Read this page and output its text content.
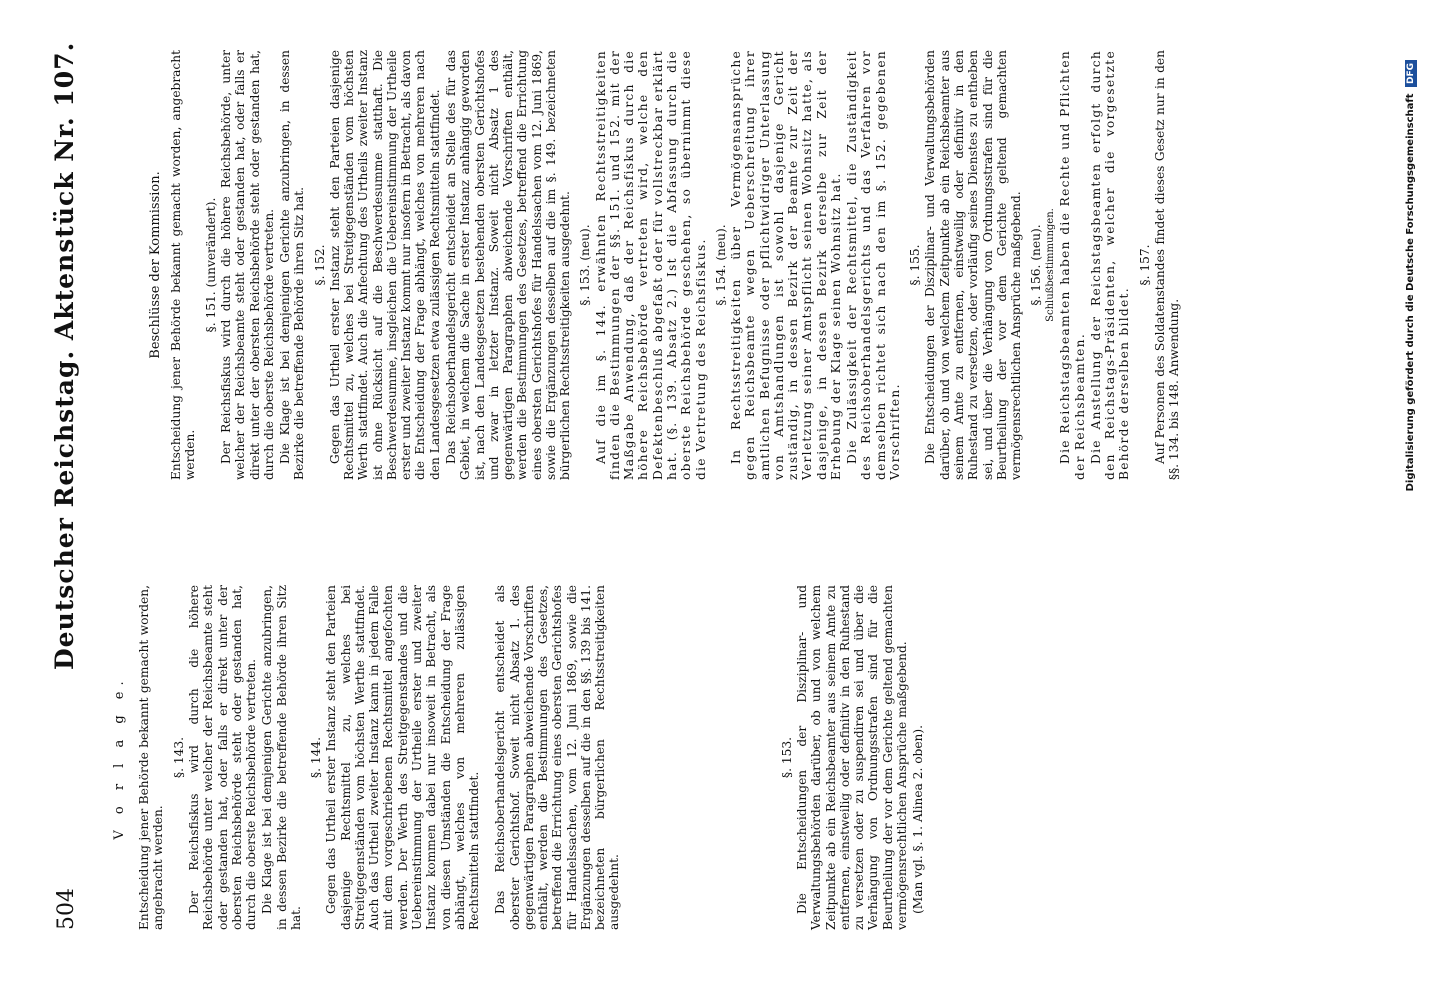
504
Deutscher Reichstag. Aktenstück Nr. 107.
V o r l a g e. Entscheidung jener Behörde bekannt gemacht worden, angebracht werden.

§. 143. Der Reichsfiskus wird durch die höhere Reichsbehörde unter welcher der Reichsbeamte steht oder gestanden hat, oder falls er direkt unter der obersten Reichsbehörde steht oder gestanden hat, durch die oberste Reichsbehörde vertreten. Die Klage ist bei demjenigen Gerichte anzubringen, in dessen Bezirke die betreffende Behörde ihren Sitz hat.

§. 144. Gegen das Urtheil erster Instanz steht den Parteien dasjenige Rechtsmittel zu, welches bei Streitgegenständen vom höchsten Werthe stattfindet. Auch das Urtheil zweiter Instanz kann in jedem Falle mit dem vorgeschriebenen Rechtsmittel angefochten werden. Der Werth des Streitgegenstandes und die Uebereinstimmung der Urtheile erster und zweiter Instanz kommen dabei nur insoweit in Betracht, als von diesen Umständen die Entscheidung der Frage abhängt, welches von mehreren zulässigen Rechtsmitteln stattfindet. Das Reichsoberhandelsgericht entscheidet als oberster Gerichtshof. Soweit nicht Absatz 1. des gegenwärtigen Paragraphen abweichende Vorschriften enthält, werden die Bestimmungen des Gesetzes, betreffend die Errichtung eines obersten Gerichtshofes für Handelssachen, vom 12. Juni 1869, sowie die Ergänzungen desselben auf die in den §§. 139 bis 141. bezeichneten bürgerlichen Rechtsstreitigkeiten ausgedehnt.

§. 153. Die Entscheidungen der Disziplinar- und Verwaltungsbehörden darüber, ob und von welchem Zeitpunkte ab ein Reichsbeamter aus seinem Amte zu entfernen, einstweilig oder definitiv in den Ruhestand zu versetzen oder zu suspendiren sei und über die Verhängung von Ordnungsstrafen sind für die Beurtheilung der vor dem Gerichte geltend gemachten vermögensrechtlichen Ansprüche maßgebend. (Man vgl. §. 1. Alinea 2. oben).

Beschlüsse der Kommission. Entscheidung jener Behörde bekannt gemacht worden, angebracht werden.

§. 151. (unverändert). Der Reichsfiskus wird durch die höhere Reichsbehörde, unter welcher der Reichsbeamte steht oder gestanden hat, oder falls er direkt unter der obersten Reichsbehörde steht oder gestanden hat, durch die oberste Reichsbehörde vertreten. Die Klage ist bei demjenigen Gerichte anzubringen, in dessen Bezirke die betreffende Behörde ihren Sitz hat. §. 152. Gegen das Urtheil erster Instanz steht den Parteien dasjenige Rechtsmittel zu, welches bei Streitgegenständen vom höchsten Werth stattfindet. Auch die Anfechtung des Urtheils zweiter Instanz ist ohne Rücksicht auf die Beschwerdesumme statthaft. Die Beschwerdesumme, insgleichen die Uebereinstimmung der Urtheile erster und zweiter Instanz kommt nur insofern in Betracht, als davon die Entscheidung der Frage abhängt, welches von mehreren nach den Landesgesetzen etwa zulässigen Rechtsmitteln stattfindet. Das Reichsoberhandelsgericht entscheidet an Stelle des für das Gebiet, in welchem die Sache in erster Instanz anhängig geworden ist, nach den Landesgesetzen bestehenden obersten Gerichtshofes und zwar in letzter Instanz. Soweit nicht Absatz 1 des gegenwärtigen Paragraphen abweichende Vorschriften enthält, werden die Bestimmungen des Gesetzes, betreffend die Errichtung eines obersten Gerichtshofes für Handelssachen vom 12. Juni 1869, sowie die Ergänzungen desselben auf die im §. 149. bezeichneten bürgerlichen Rechtsstreitigkeiten ausgedehnt. §. 153. (neu). Auf die im §. 144. erwähnten Rechtsstreitigkeiten finden die Bestimmungen der §§. 151. und 152. mit der Maßgabe Anwendung, daß der Reichsfiskus durch die höhere Reichsbehörde vertreten wird, welche den Defektenbeschluß abgefaßt oder für vollstreckbar erklärt hat. (§. 139. Absatz 2.) Ist die Abfassung durch die oberste Reichsbehörde geschehen, so übernimmt diese die Vertretung des Reichsfiskus. §. 154. (neu). In Rechtsstreitigkeiten über Vermögensansprüche gegen Reichsbeamte wegen Ueberschreitung ihrer amtlichen Befugnisse oder pflichtwidriger Unterlassung von Amtshandlungen ist sowohl dasjenige Gericht zuständig, in dessen Bezirk der Beamte zur Zeit der Verletzung seiner Amtspflicht seinen Wohnsitz hatte, als dasjenige, in dessen Bezirk derselbe zur Zeit der Erhebung der Klage seinen Wohnsitz hat. Die Zulässigkeit der Rechtsmittel, die Zuständigkeit des Reichsoberhandelsgerichts und das Verfahren vor demselben richtet sich nach den im §. 152. gegebenen Vorschriften.

§. 155. Die Entscheidungen der Disziplinar- und Verwaltungsbehörden darüber, ob und von welchem Zeitpunkte ab ein Reichsbeamter aus seinem Amte zu entfernen, einstweilig oder definitiv in den Ruhestand zu versetzen, oder vorläufig seines Dienstes zu entheben sei, und über die Verhängung von Ordnungsstrafen sind für die Beurtheilung der vor dem Gerichte geltend gemachten vermögensrechtlichen Ansprüche maßgebend. §. 156. (neu). Schlußbestimmungen. Die Reichstagsbeamten haben die Rechte und Pflichten der Reichsbeamten. Die Anstellung der Reichstagsbeamten erfolgt durch den Reichstags-Präsidenten, welcher die vorgesetzte Behörde derselben bildet.

§. 157. Auf Personen des Soldatenstandes findet dieses Gesetz nur in den §§. 134. bis 148. Anwendung.	Digitalisierung gefördert durch die Deutsche Forschungsgemeinschaft DFG
